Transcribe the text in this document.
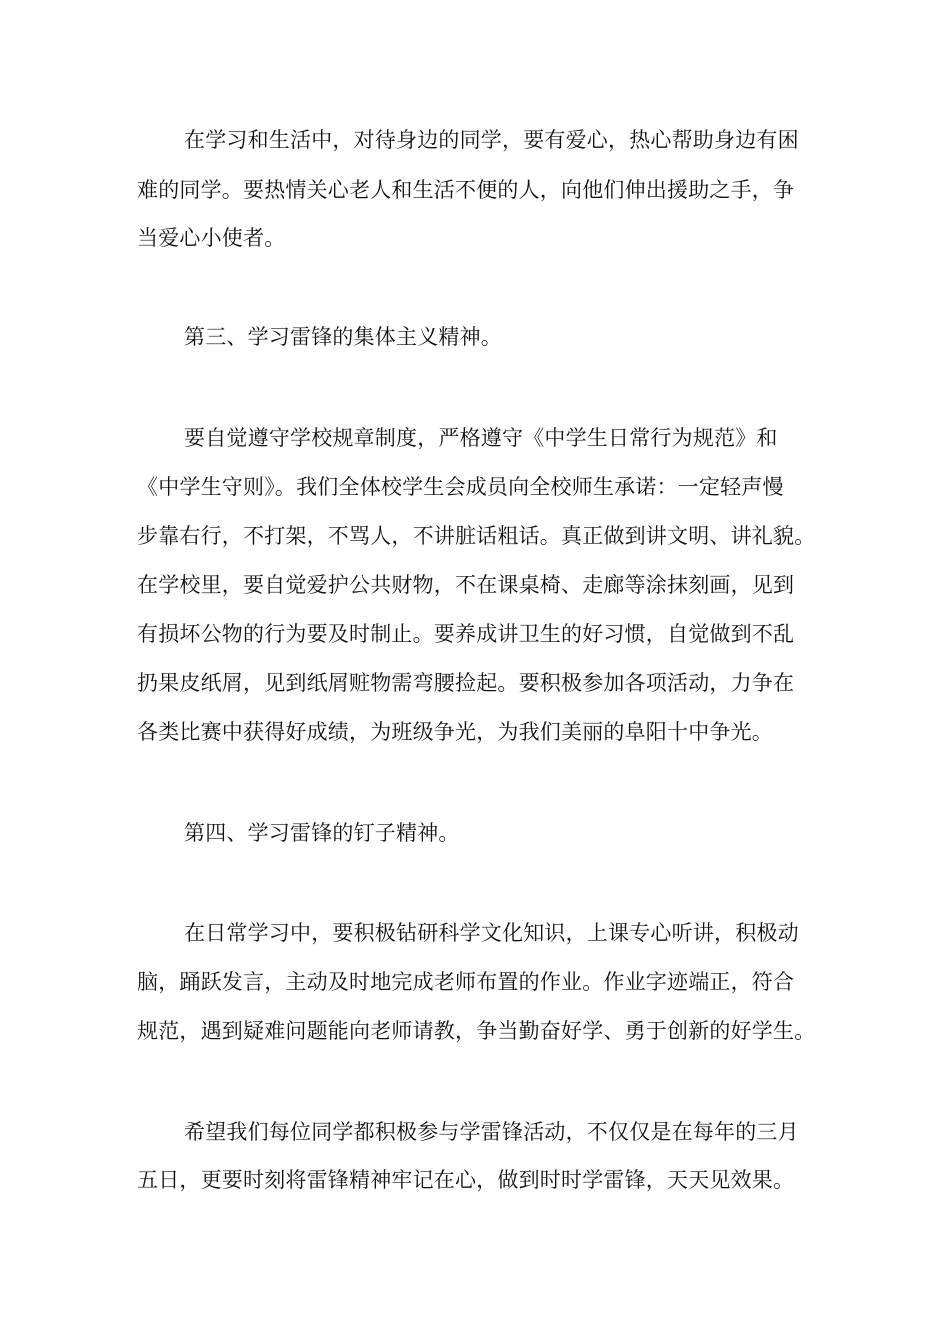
在学习和生活中，对待身边的同学，要有爱心，热心帮助身边有困
难的同学。要热情关心老人和生活不便的人，向他们伸出援助之手，争
当爱心小使者。
第三、学习雷锋的集体主义精神。
要自觉遵守学校规章制度，严格遵守《中学生日常行为规范》和
《中学生守则》。我们全体校学生会成员向全校师生承诺：一定轻声慢
步靠右行，不打架，不骂人，不讲脏话粗话。真正做到讲文明、讲礼貌。
在学校里，要自觉爱护公共财物，不在课桌椅、走廊等涂抹刻画，见到
有损坏公物的行为要及时制止。要养成讲卫生的好习惯，自觉做到不乱
扔果皮纸屑，见到纸屑赃物需弯腰捡起。要积极参加各项活动，力争在
各类比赛中获得好成绩，为班级争光，为我们美丽的阜阳十中争光。
第四、学习雷锋的钉子精神。
在日常学习中，要积极钻研科学文化知识，上课专心听讲，积极动
脑，踊跃发言，主动及时地完成老师布置的作业。作业字迹端正，符合
规范，遇到疑难问题能向老师请教，争当勤奋好学、勇于创新的好学生。
希望我们每位同学都积极参与学雷锋活动，不仅仅是在每年的三月
五日，更要时刻将雷锋精神牢记在心，做到时时学雷锋，天天见效果。
